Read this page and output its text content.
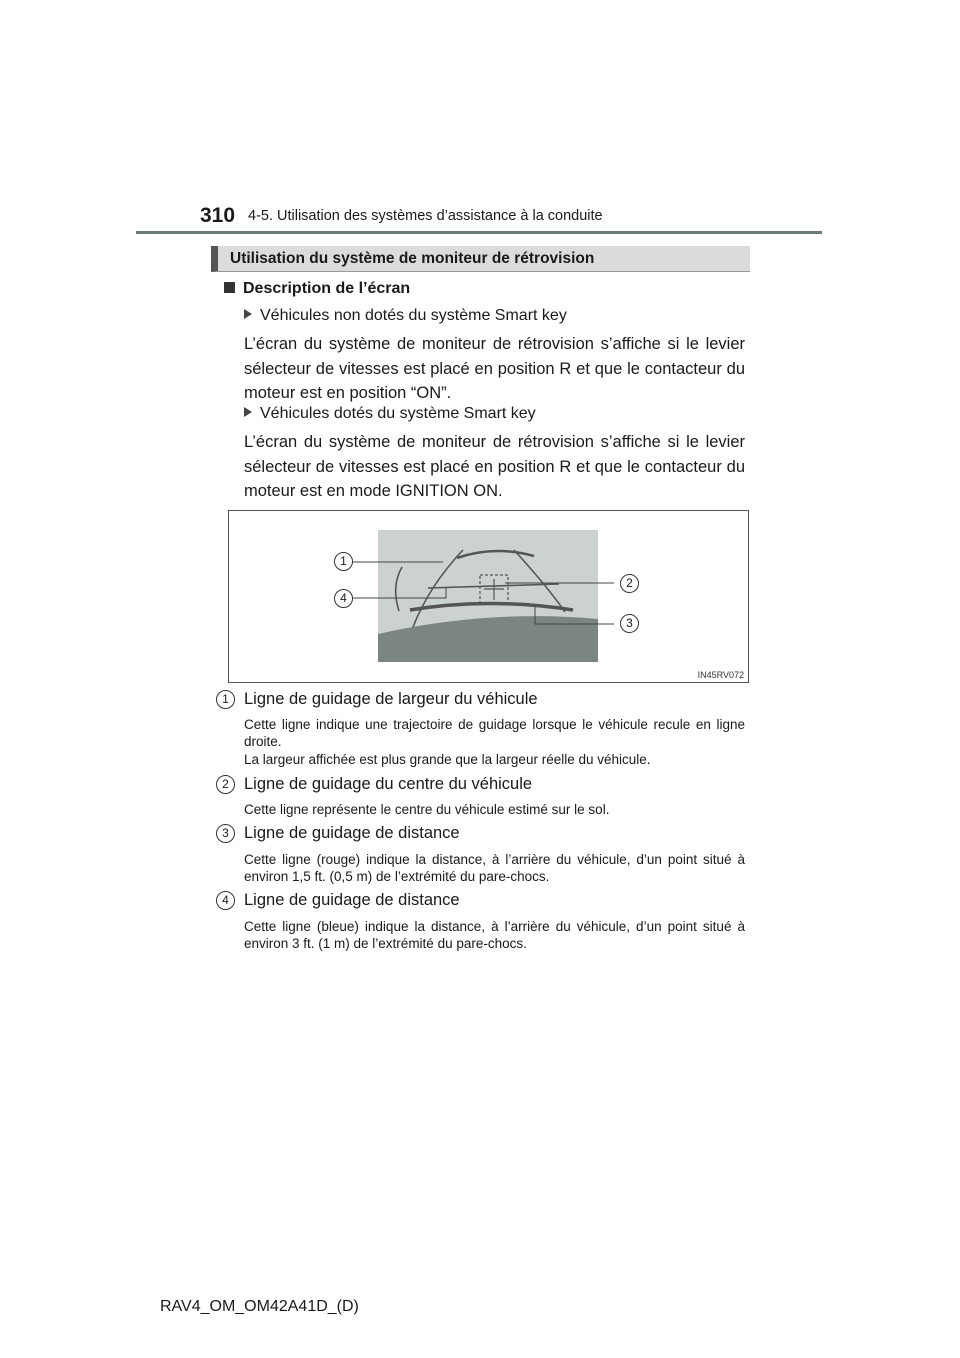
310 4-5. Utilisation des systèmes d’assistance à la conduite
Utilisation du système de moniteur de rétrovision
Description de l’écran
Véhicules non dotés du système Smart key
L’écran du système de moniteur de rétrovision s’affiche si le levier sélecteur de vitesses est placé en position R et que le contacteur du moteur est en position “ON”.
Véhicules dotés du système Smart key
L’écran du système de moniteur de rétrovision s’affiche si le levier sélecteur de vitesses est placé en position R et que le contacteur du moteur est en mode IGNITION ON.
1
2
3
4
IN45RV072
1 Ligne de guidage de largeur du véhicule
Cette ligne indique une trajectoire de guidage lorsque le véhicule recule en ligne droite.
La largeur affichée est plus grande que la largeur réelle du véhicule.
2 Ligne de guidage du centre du véhicule
Cette ligne représente le centre du véhicule estimé sur le sol.
3 Ligne de guidage de distance
Cette ligne (rouge) indique la distance, à l’arrière du véhicule, d’un point situé à environ 1,5 ft. (0,5 m) de l’extrémité du pare-chocs.
4 Ligne de guidage de distance
Cette ligne (bleue) indique la distance, à l’arrière du véhicule, d’un point situé à environ 3 ft. (1 m) de l’extrémité du pare-chocs.
RAV4_OM_OM42A41D_(D)
